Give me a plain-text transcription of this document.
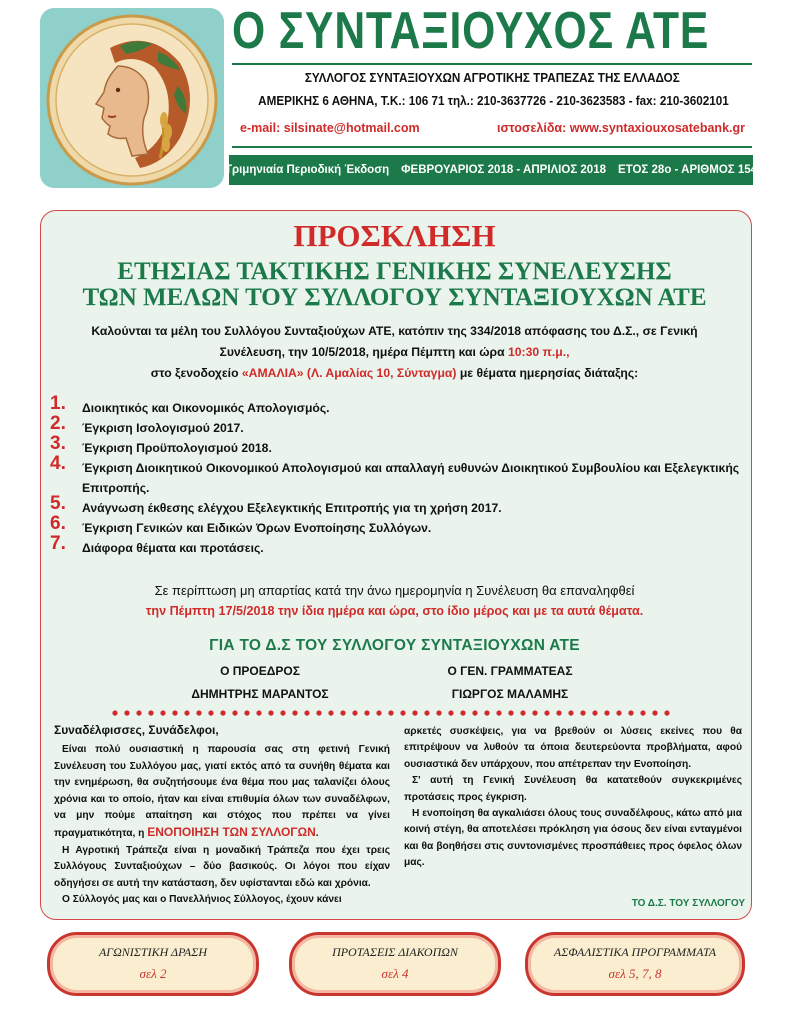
Ο ΣΥΝΤΑΞΙΟΥΧΟΣ ΑΤΕ
ΣΥΛΛΟΓΟΣ ΣΥΝΤΑΞΙΟΥΧΩΝ ΑΓΡΟΤΙΚΗΣ ΤΡΑΠΕΖΑΣ ΤΗΣ ΕΛΛΑΔΟΣ
ΑΜΕΡΙΚΗΣ 6 ΑΘΗΝΑ, Τ.Κ.: 106 71 τηλ.: 210-3637726 - 210-3623583 - fax: 210-3602101
e-mail: silsinate@hotmail.com	ιστοσελίδα: www.syntaxiouxosatebank.gr
Τριμηνιαία Περιοδική Έκδοση ΦΕΒΡΟΥΑΡΙΟΣ 2018 - ΑΠΡΙΛΙΟΣ 2018 ΕΤΟΣ 28ο - ΑΡΙΘΜΟΣ 154
ΠΡΟΣΚΛΗΣΗ
ΕΤΗΣΙΑΣ ΤΑΚΤΙΚΗΣ ΓΕΝΙΚΗΣ ΣΥΝΕΛΕΥΣΗΣ
ΤΩΝ ΜΕΛΩΝ ΤΟΥ ΣΥΛΛΟΓΟΥ ΣΥΝΤΑΞΙΟΥΧΩΝ ΑΤΕ
Καλούνται τα μέλη του Συλλόγου Συνταξιούχων ΑΤΕ, κατόπιν της 334/2018 απόφασης του Δ.Σ., σε Γενική
Συνέλευση, την 10/5/2018, ημέρα Πέμπτη και ώρα 10:30 π.μ.,
στο ξενοδοχείο «ΑΜΑΛΙΑ» (Λ. Αμαλίας 10, Σύνταγμα) με θέματα ημερησίας διάταξης:
1.	Διοικητικός και Οικονομικός Απολογισμός.
2.	Έγκριση Ισολογισμού 2017.
3.	Έγκριση Προϋπολογισμού 2018.
4.	Έγκριση Διοικητικού Οικονομικού Απολογισμού και απαλλαγή ευθυνών Διοικητικού Συμβουλίου και Εξελεγκτικής Επιτροπής.
5.	Ανάγνωση έκθεσης ελέγχου Εξελεγκτικής Επιτροπής για τη χρήση 2017.
6.	Έγκριση Γενικών και Ειδικών Όρων Ενοποίησης Συλλόγων.
7.	Διάφορα θέματα και προτάσεις.
Σε περίπτωση μη απαρτίας κατά την άνω ημερομηνία η Συνέλευση θα επαναληφθεί
την Πέμπτη 17/5/2018 την ίδια ημέρα και ώρα, στο ίδιο μέρος και με τα αυτά θέματα.
ΓΙΑ ΤΟ Δ.Σ ΤΟΥ ΣΥΛΛΟΓΟΥ ΣΥΝΤΑΞΙΟΥΧΩΝ ΑΤΕ
Ο ΠΡΟΕΔΡΟΣ
ΔΗΜΗΤΡΗΣ ΜΑΡΑΝΤΟΣ
Ο ΓΕΝ. ΓΡΑΜΜΑΤΕΑΣ
ΓΙΩΡΓΟΣ ΜΑΛΑΜΗΣ

Συναδέλφισσες, Συνάδελφοι,

Είναι πολύ ουσιαστική η παρουσία σας στη φετινή Γενική Συνέλευση του Συλλόγου μας, γιατί εκτός από τα συνήθη θέματα και την ενημέρωση, θα συζητήσουμε ένα θέμα που μας ταλανίζει όλους χρόνια και το οποίο, ήταν και είναι επιθυμία όλων των συναδέλφων, να μην πούμε απαίτηση και στόχος που πρέπει να γίνει πραγματικότητα, η ΕΝΟΠΟΙΗΣΗ ΤΩΝ ΣΥΛΛΟΓΩΝ.

Η Αγροτική Τράπεζα είναι η μοναδική Τράπεζα που έχει τρεις Συλλόγους Συνταξιούχων – δύο βασικούς. Οι λόγοι που είχαν οδηγήσει σε αυτή την κατάσταση, δεν υφίστανται εδώ και χρόνια.

Ο Σύλλογός μας και ο Πανελλήνιος Σύλλογος, έχουν κάνει

αρκετές συσκέψεις, για να βρεθούν οι λύσεις εκείνες που θα επιτρέψουν να λυθούν τα όποια δευτερεύοντα προβλήματα, αφού ουσιαστικά δεν υπάρχουν, που απέτρεπαν την Ενοποίηση.

Σ' αυτή τη Γενική Συνέλευση θα κατατεθούν συγκεκριμένες προτάσεις προς έγκριση.

Η ενοποίηση θα αγκαλιάσει όλους τους συναδέλφους, κάτω από μια κοινή στέγη, θα αποτελέσει πρόκληση για όσους δεν είναι ενταγμένοι και θα βοηθήσει στις συντονισμένες προσπάθειες προς όφελος όλων μας.

ΤΟ Δ.Σ. ΤΟΥ ΣΥΛΛΟΓΟΥ
ΑΓΩΝΙΣΤΙΚΗ ΔΡΑΣΗ
σελ 2
ΠΡΟΤΑΣΕΙΣ ΔΙΑΚΟΠΩΝ
σελ 4
ΑΣΦΑΛΙΣΤΙΚΑ ΠΡΟΓΡΑΜΜΑΤΑ
σελ 5, 7, 8
